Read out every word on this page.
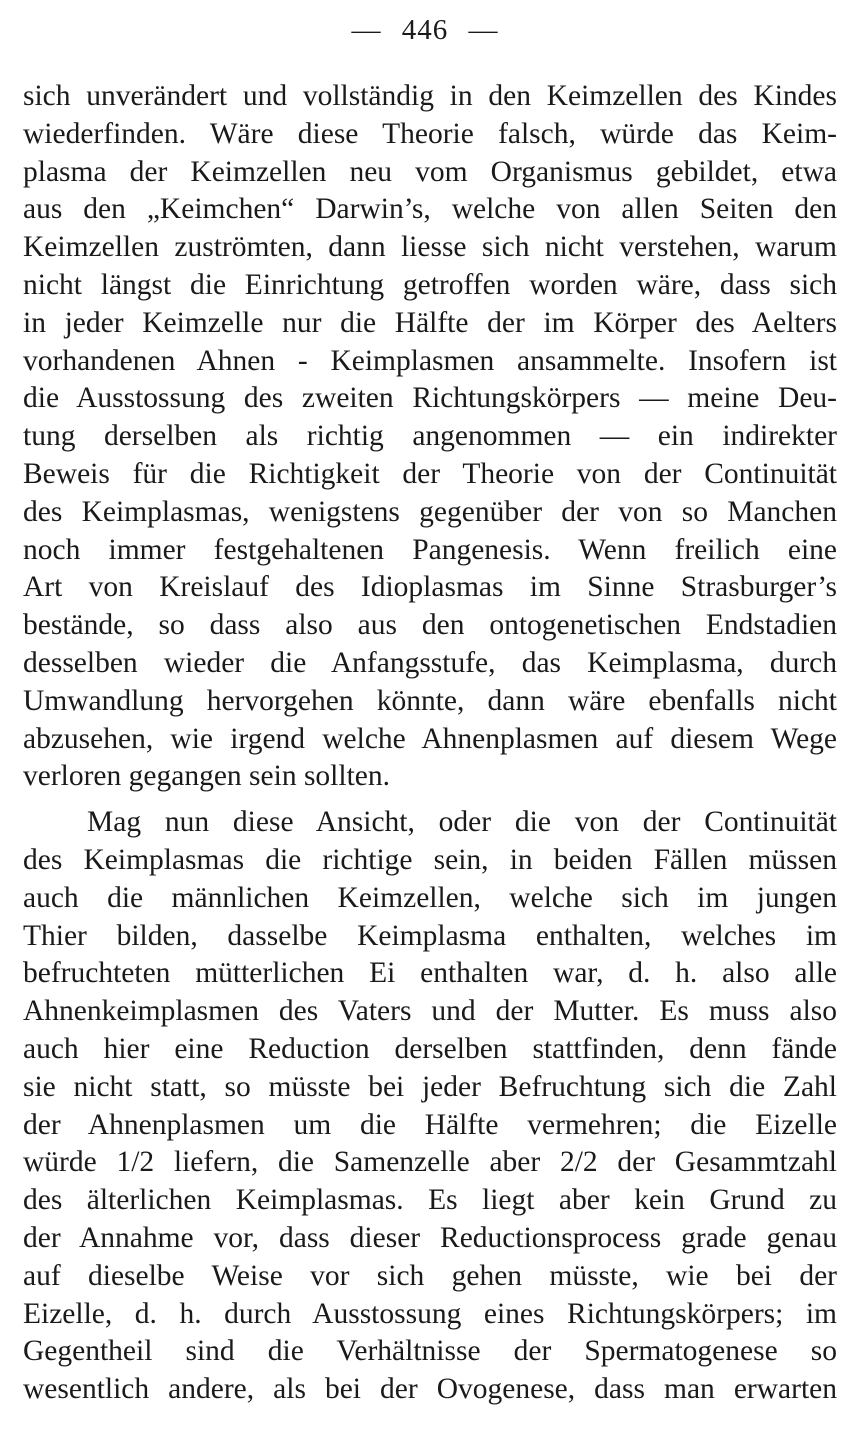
— 446 —
sich unverändert und vollständig in den Keimzellen des Kindes
wiederfinden. Wäre diese Theorie falsch, würde das Keim-
plasma der Keimzellen neu vom Organismus gebildet, etwa
aus den „Keimchen“ Darwin’s, welche von allen Seiten den
Keimzellen zuströmten, dann liesse sich nicht verstehen, warum
nicht längst die Einrichtung getroffen worden wäre, dass sich
in jeder Keimzelle nur die Hälfte der im Körper des Aelters
vorhandenen Ahnen - Keimplasmen ansammelte. Insofern ist
die Ausstossung des zweiten Richtungskörpers — meine Deu-
tung derselben als richtig angenommen — ein indirekter
Beweis für die Richtigkeit der Theorie von der Continuität
des Keimplasmas, wenigstens gegenüber der von so Manchen
noch immer festgehaltenen Pangenesis. Wenn freilich eine
Art von Kreislauf des Idioplasmas im Sinne Strasburger’s
bestände, so dass also aus den ontogenetischen Endstadien
desselben wieder die Anfangsstufe, das Keimplasma, durch
Umwandlung hervorgehen könnte, dann wäre ebenfalls nicht
abzusehen, wie irgend welche Ahnenplasmen auf diesem Wege
verloren gegangen sein sollten.
Mag nun diese Ansicht, oder die von der Continuität
des Keimplasmas die richtige sein, in beiden Fällen müssen
auch die männlichen Keimzellen, welche sich im jungen
Thier bilden, dasselbe Keimplasma enthalten, welches im
befruchteten mütterlichen Ei enthalten war, d. h. also alle
Ahnenkeimplasmen des Vaters und der Mutter. Es muss also
auch hier eine Reduction derselben stattfinden, denn fände
sie nicht statt, so müsste bei jeder Befruchtung sich die Zahl
der Ahnenplasmen um die Hälfte vermehren; die Eizelle
würde 1/2 liefern, die Samenzelle aber 2/2 der Gesammtzahl
des älterlichen Keimplasmas. Es liegt aber kein Grund zu
der Annahme vor, dass dieser Reductionsprocess grade genau
auf dieselbe Weise vor sich gehen müsste, wie bei der
Eizelle, d. h. durch Ausstossung eines Richtungskörpers; im
Gegentheil sind die Verhältnisse der Spermatogenese so
wesentlich andere, als bei der Ovogenese, dass man erwarten
